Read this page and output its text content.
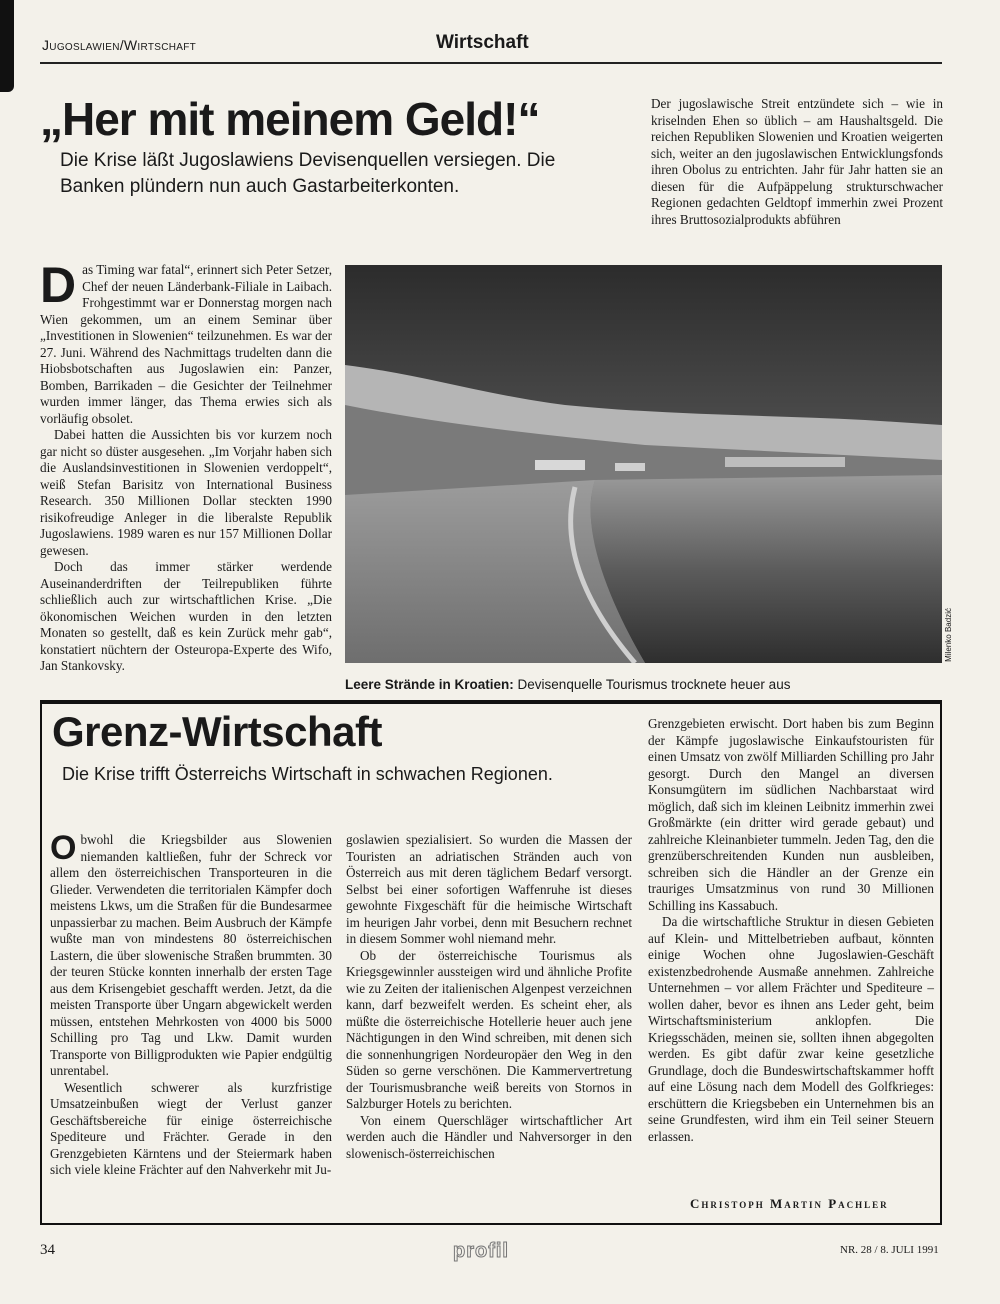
Jugoslawien/Wirtschaft	Wirtschaft
„Her mit meinem Geld!“
Die Krise läßt Jugoslawiens Devisenquellen versiegen. Die Banken plündern nun auch Gastarbeiterkonten.

Der jugoslawische Streit entzündete sich – wie in kriselnden Ehen so üblich – am Haushaltsgeld. Die reichen Republiken Slowenien und Kroatien weigerten sich, weiter an den jugoslawischen Entwicklungsfonds ihren Obolus zu entrichten. Jahr für Jahr hatten sie an diesen für die Aufpäppelung strukturschwacher Regionen gedachten Geldtopf immerhin zwei Prozent ihres Bruttosozialprodukts abführen

Das Timing war fatal“, erinnert sich Peter Setzer, Chef der neuen Länderbank-Filiale in Laibach. Frohgestimmt war er Donnerstag morgen nach Wien gekommen, um an einem Seminar über „Investitionen in Slowenien“ teilzunehmen. Es war der 27. Juni. Während des Nachmittags trudelten dann die Hiobsbotschaften aus Jugoslawien ein: Panzer, Bomben, Barrikaden – die Gesichter der Teilnehmer wurden immer länger, das Thema erwies sich als vorläufig obsolet.

Dabei hatten die Aussichten bis vor kurzem noch gar nicht so düster ausgesehen. „Im Vorjahr haben sich die Auslandsinvestitionen in Slowenien verdoppelt“, weiß Stefan Barisitz von International Business Research. 350 Millionen Dollar steckten 1990 risikofreudige Anleger in die liberalste Republik Jugoslawiens. 1989 waren es nur 157 Millionen Dollar gewesen.

Doch das immer stärker werdende Auseinanderdriften der Teilrepubliken führte schließlich auch zur wirtschaftlichen Krise. „Die ökonomischen Weichen wurden in den letzten Monaten so gestellt, daß es kein Zurück mehr gab“, konstatiert nüchtern der Osteuropa-Experte des Wifo, Jan Stankovsky.

Milenko Badzić
Leere Strände in Kroatien: Devisenquelle Tourismus trocknete heuer aus
Grenz-Wirtschaft
Die Krise trifft Österreichs Wirtschaft in schwachen Regionen.

Obwohl die Kriegsbilder aus Slowenien niemanden kaltließen, fuhr der Schreck vor allem den österreichischen Transporteuren in die Glieder. Verwendeten die territorialen Kämpfer doch meistens Lkws, um die Straßen für die Bundesarmee unpassierbar zu machen. Beim Ausbruch der Kämpfe wußte man von mindestens 80 österreichischen Lastern, die über slowenische Straßen brummten. 30 der teuren Stücke konnten innerhalb der ersten Tage aus dem Krisengebiet geschafft werden. Jetzt, da die meisten Transporte über Ungarn abgewickelt werden müssen, entstehen Mehrkosten von 4000 bis 5000 Schilling pro Tag und Lkw. Damit wurden Transporte von Billigprodukten wie Papier endgültig unrentabel.

Wesentlich schwerer als kurzfristige Umsatzeinbußen wiegt der Verlust ganzer Geschäftsbereiche für einige österreichische Spediteure und Frächter. Gerade in den Grenzgebieten Kärntens und der Steiermark haben sich viele kleine Frächter auf den Nahverkehr mit Ju-

goslawien spezialisiert. So wurden die Massen der Touristen an adriatischen Stränden auch von Österreich aus mit deren täglichem Bedarf versorgt. Selbst bei einer sofortigen Waffenruhe ist dieses gewohnte Fixgeschäft für die heimische Wirtschaft im heurigen Jahr vorbei, denn mit Besuchern rechnet in diesem Sommer wohl niemand mehr.

Ob der österreichische Tourismus als Kriegsgewinnler aussteigen wird und ähnliche Profite wie zu Zeiten der italienischen Algenpest verzeichnen kann, darf bezweifelt werden. Es scheint eher, als müßte die österreichische Hotellerie heuer auch jene Nächtigungen in den Wind schreiben, mit denen sich die sonnenhungrigen Nordeuropäer den Weg in den Süden so gerne verschönen. Die Kammervertretung der Tourismusbranche weiß bereits von Stornos in Salzburger Hotels zu berichten.

Von einem Querschläger wirtschaftlicher Art werden auch die Händler und Nahversorger in den slowenisch-österreichischen

Grenzgebieten erwischt. Dort haben bis zum Beginn der Kämpfe jugoslawische Einkaufstouristen für einen Umsatz von zwölf Milliarden Schilling pro Jahr gesorgt. Durch den Mangel an diversen Konsumgütern im südlichen Nachbarstaat wird möglich, daß sich im kleinen Leibnitz immerhin zwei Großmärkte (ein dritter wird gerade gebaut) und zahlreiche Kleinanbieter tummeln. Jeden Tag, den die grenzüberschreitenden Kunden nun ausbleiben, schreiben sich die Händler an der Grenze ein trauriges Umsatzminus von rund 30 Millionen Schilling ins Kassabuch.

Da die wirtschaftliche Struktur in diesen Gebieten auf Klein- und Mittelbetrieben aufbaut, könnten einige Wochen ohne Jugoslawien-Geschäft existenzbedrohende Ausmaße annehmen. Zahlreiche Unternehmen – vor allem Frächter und Spediteure – wollen daher, bevor es ihnen ans Leder geht, beim Wirtschaftsministerium anklopfen. Die Kriegsschäden, meinen sie, sollten ihnen abgegolten werden. Es gibt dafür zwar keine gesetzliche Grundlage, doch die Bundeswirtschaftskammer hofft auf eine Lösung nach dem Modell des Golfkrieges: erschüttern die Kriegsbeben ein Unternehmen bis an seine Grundfesten, wird ihm ein Teil seiner Steuern erlassen.

Christoph Martin Pachler
34	profil	NR. 28 / 8. JULI 1991
